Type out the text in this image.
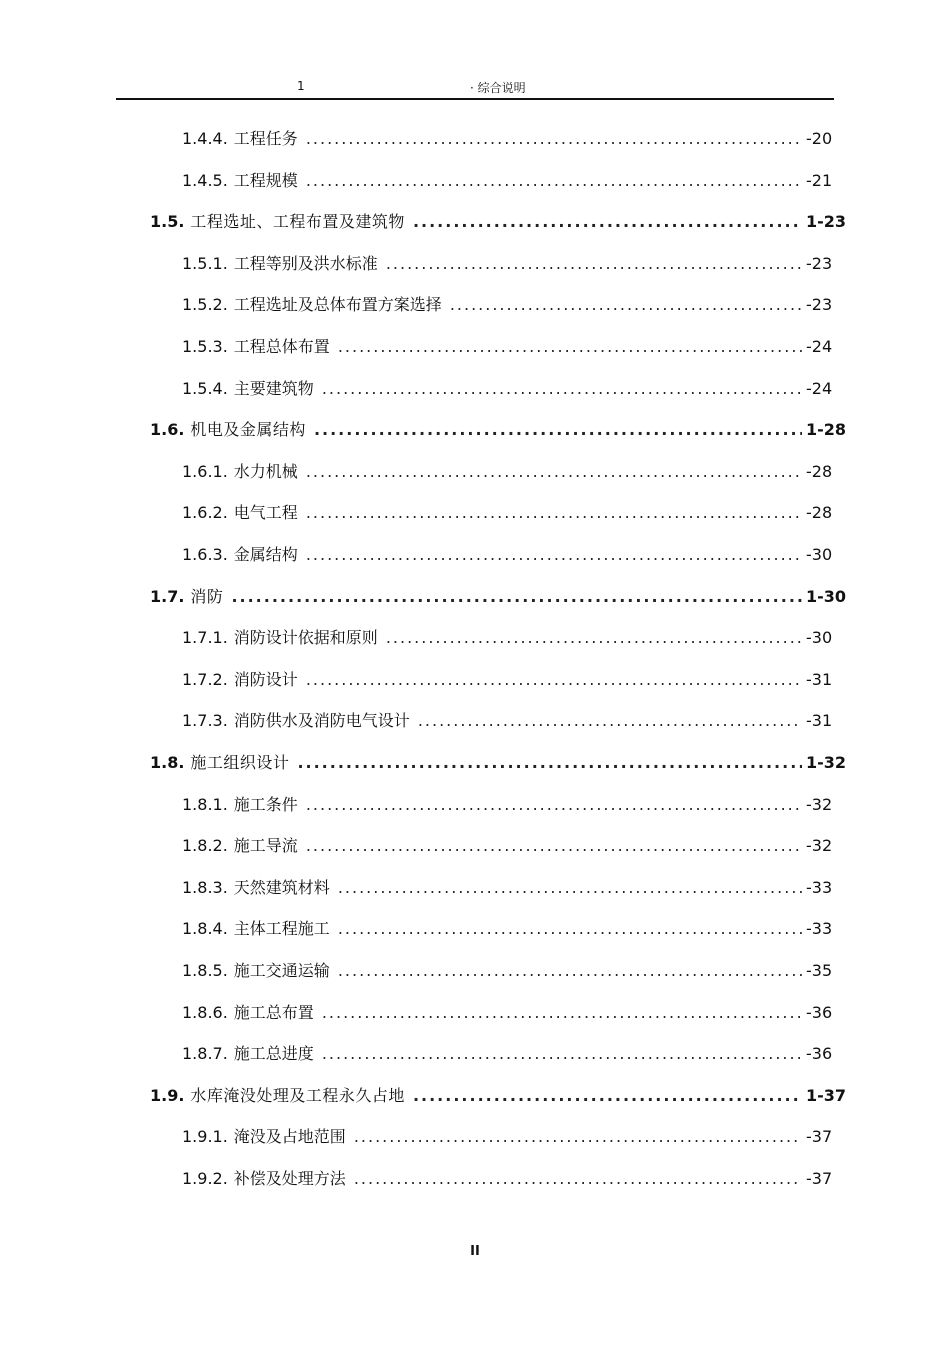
1	· 综合说明
1.4.4. 工程任务 .....	-20
1.4.5. 工程规模 .....	-21
1.5. 工程选址、工程布置及建筑物 .....	1-23
1.5.1. 工程等别及洪水标准 .....	-23
1.5.2. 工程选址及总体布置方案选择 .....	-23
1.5.3. 工程总体布置 .....	-24
1.5.4. 主要建筑物 .....	-24
1.6. 机电及金属结构 .....	1-28
1.6.1. 水力机械 .....	-28
1.6.2. 电气工程 .....	-28
1.6.3. 金属结构 .....	-30
1.7. 消防 .....	1-30
1.7.1. 消防设计依据和原则 .....	-30
1.7.2. 消防设计 .....	-31
1.7.3. 消防供水及消防电气设计 .....	-31
1.8. 施工组织设计 .....	1-32
1.8.1. 施工条件 .....	-32
1.8.2. 施工导流 .....	-32
1.8.3. 天然建筑材料 .....	-33
1.8.4. 主体工程施工 .....	-33
1.8.5. 施工交通运输 .....	-35
1.8.6. 施工总布置 .....	-36
1.8.7. 施工总进度 .....	-36
1.9. 水库淹没处理及工程永久占地 .....	1-37
1.9.1. 淹没及占地范围 .....	-37
1.9.2. 补偿及处理方法 .....	-37
II
